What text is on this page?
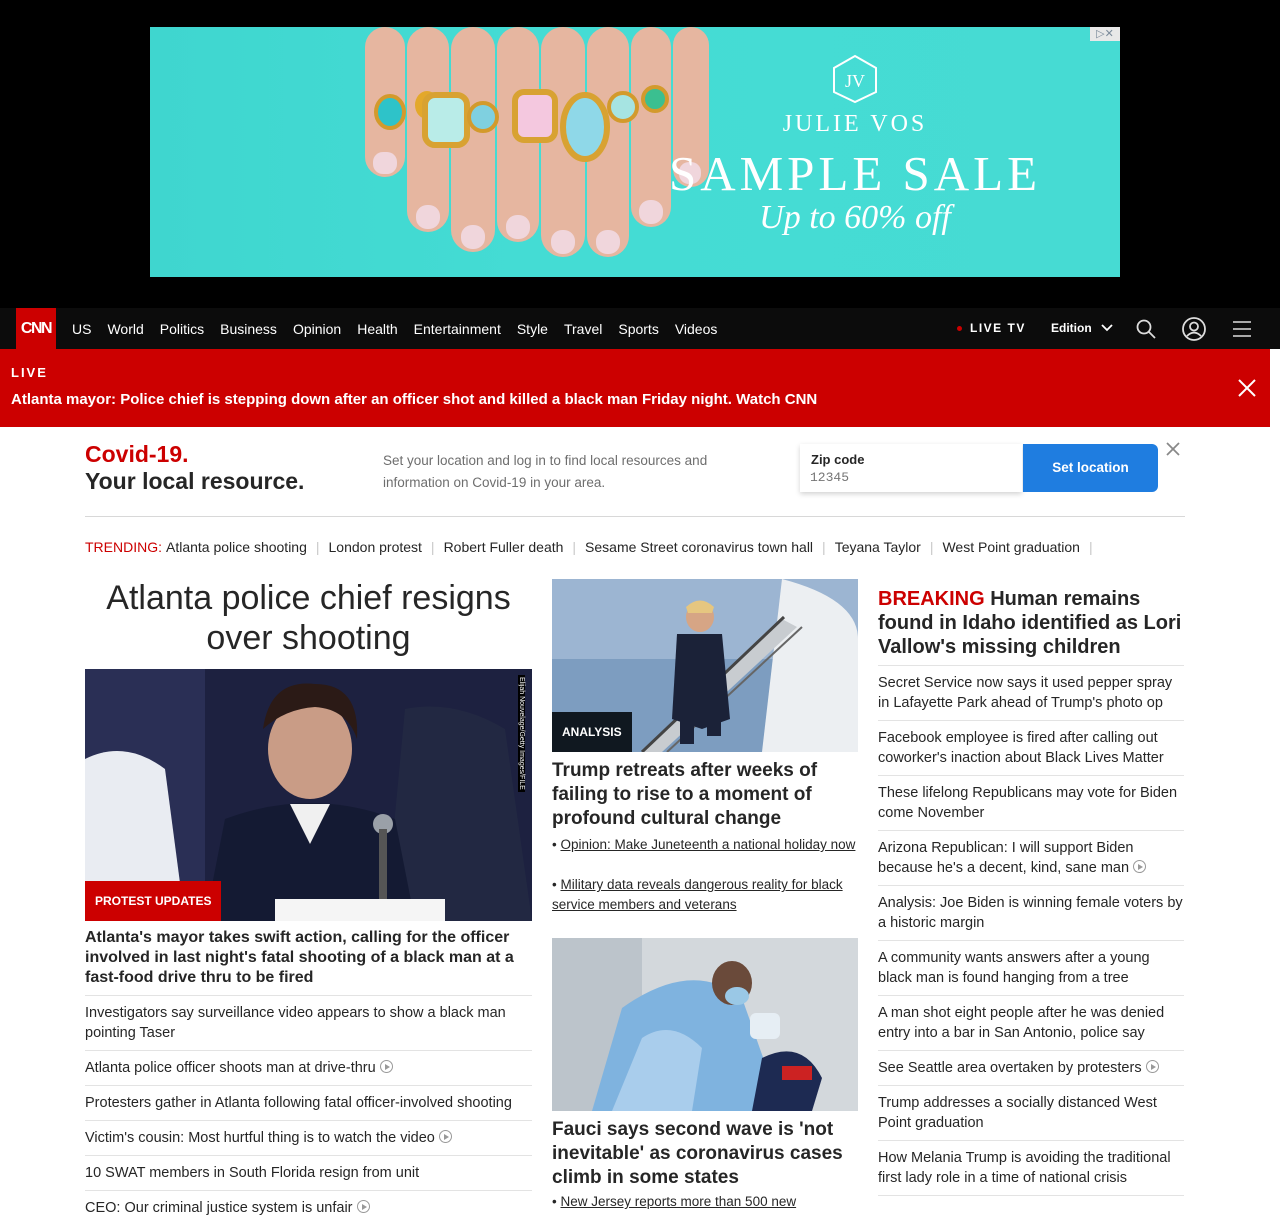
JV
JULIE VOS
SAMPLE SALE
Up to 60% off
▷✕
CNN	US World Politics Business Opinion Health Entertainment Style Travel Sports Videos	LIVE TV	Edition
LIVE
Atlanta mayor: Police chief is stepping down after an officer shot and killed a black man Friday night. Watch CNN
Covid-19.
Your local resource.
Set your location and log in to find local resources and information on Covid-19 in your area.
Zip code
12345
Set location
TRENDING: Atlanta police shooting | London protest | Robert Fuller death | Sesame Street coronavirus town hall | Teyana Taylor | West Point graduation |
Atlanta police chief resigns over shooting
PROTEST UPDATES
Elijah Nouvelage/Getty Images/FILE
Atlanta's mayor takes swift action, calling for the officer involved in last night's fatal shooting of a black man at a fast-food drive thru to be fired
Investigators say surveillance video appears to show a black man pointing Taser
Atlanta police officer shoots man at drive-thru
Protesters gather in Atlanta following fatal officer-involved shooting
Victim's cousin: Most hurtful thing is to watch the video
10 SWAT members in South Florida resign from unit
CEO: Our criminal justice system is unfair
ANALYSIS
Trump retreats after weeks of failing to rise to a moment of profound cultural change
• Opinion: Make Juneteenth a national holiday now
• Military data reveals dangerous reality for black service members and veterans
Fauci says second wave is 'not inevitable' as coronavirus cases climb in some states
• New Jersey reports more than 500 new
BREAKING Human remains found in Idaho identified as Lori Vallow's missing children
Secret Service now says it used pepper spray in Lafayette Park ahead of Trump's photo op
Facebook employee is fired after calling out coworker's inaction about Black Lives Matter
These lifelong Republicans may vote for Biden come November
Arizona Republican: I will support Biden because he's a decent, kind, sane man
Analysis: Joe Biden is winning female voters by a historic margin
A community wants answers after a young black man is found hanging from a tree
A man shot eight people after he was denied entry into a bar in San Antonio, police say
See Seattle area overtaken by protesters
Trump addresses a socially distanced West Point graduation
How Melania Trump is avoiding the traditional first lady role in a time of national crisis
